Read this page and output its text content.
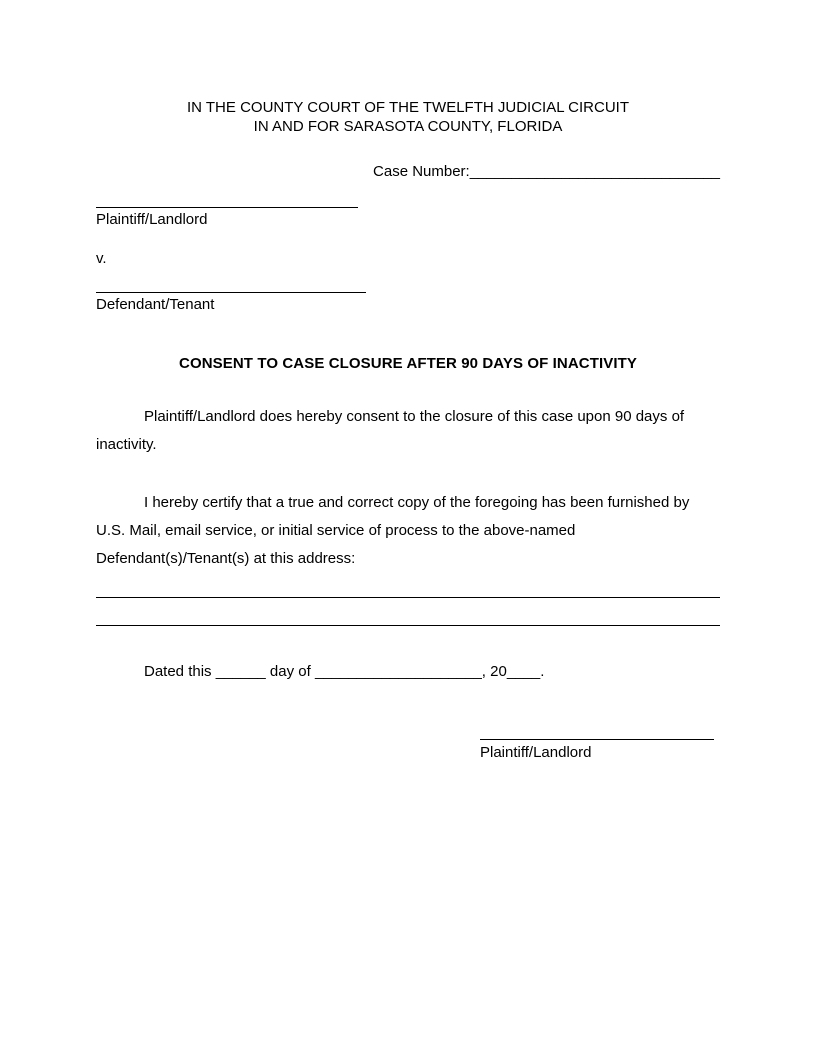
IN THE COUNTY COURT OF THE TWELFTH JUDICIAL CIRCUIT
IN AND FOR SARASOTA COUNTY, FLORIDA
Case Number: ______________________________
Plaintiff/Landlord
v.
Defendant/Tenant
CONSENT TO CASE CLOSURE AFTER 90 DAYS OF INACTIVITY
Plaintiff/Landlord does hereby consent to the closure of this case upon 90 days of inactivity.
I hereby certify that a true and correct copy of the foregoing has been furnished by U.S. Mail, email service, or initial service of process to the above-named Defendant(s)/Tenant(s) at this address:
Dated this ______ day of ____________________, 20____.
Plaintiff/Landlord
